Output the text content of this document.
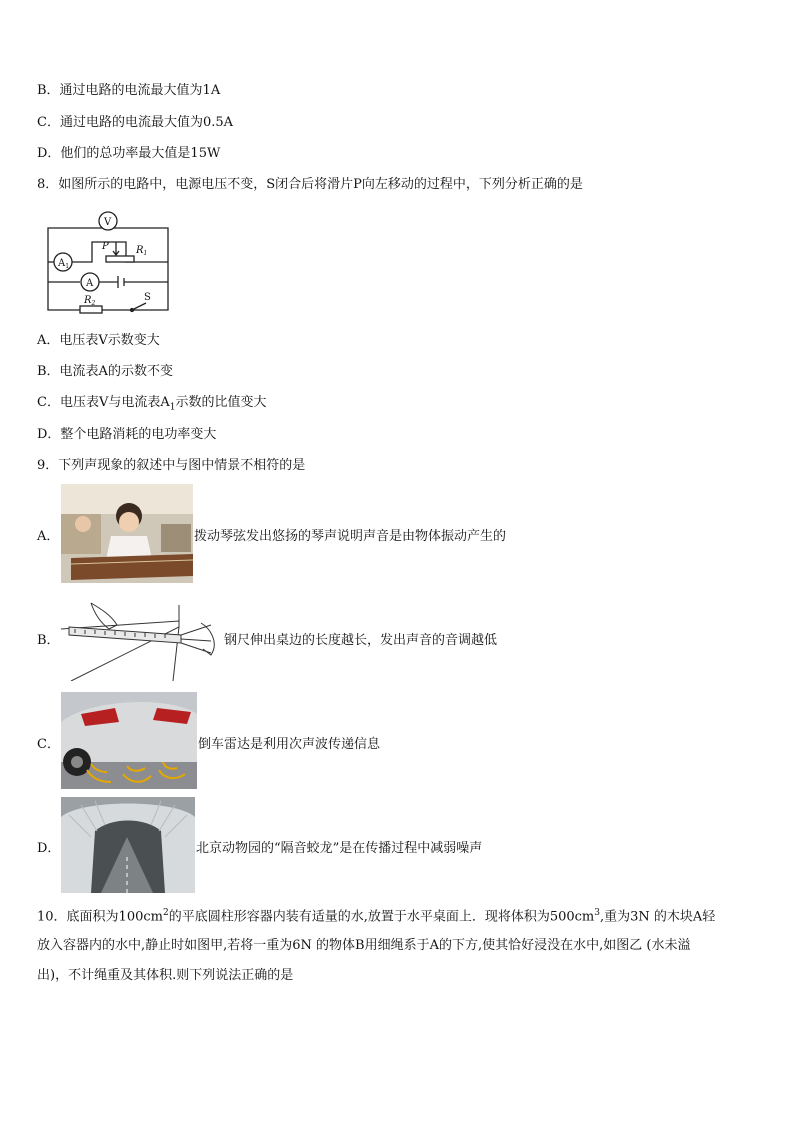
B．通过电路的电流最大值为1A
C．通过电路的电流最大值为0.5A
D．他们的总功率最大值是15W
8．如图所示的电路中，电源电压不变，S闭合后将滑片P向左移动的过程中，下列分析正确的是
V
$A_1$
A
P	$R_1$
$R_2$
S
A．电压表V示数变大
B．电流表A的示数不变
C．电压表V与电流表$A_1$示数的比值变大
D．整个电路消耗的电功率变大
9．下列声现象的叙述中与图中情景不相符的是
A．	拨动琴弦发出悠扬的琴声说明声音是由物体振动产生的
B．	钢尺伸出桌边的长度越长，发出声音的音调越低
C．	倒车雷达是利用次声波传递信息
D．	北京动物园的“隔音蛟龙”是在传播过程中减弱噪声
10．底面积为$100cm^2$的平底圆柱形容器内装有适量的水,放置于水平桌面上．现将体积为$500cm^3$,重为3N 的木块A轻
放入容器内的水中,静止时如图甲,若将一重为6N 的物体B用细绳系于A的下方,使其恰好浸没在水中,如图乙 (水未溢
出)，不计绳重及其体积.则下列说法正确的是
